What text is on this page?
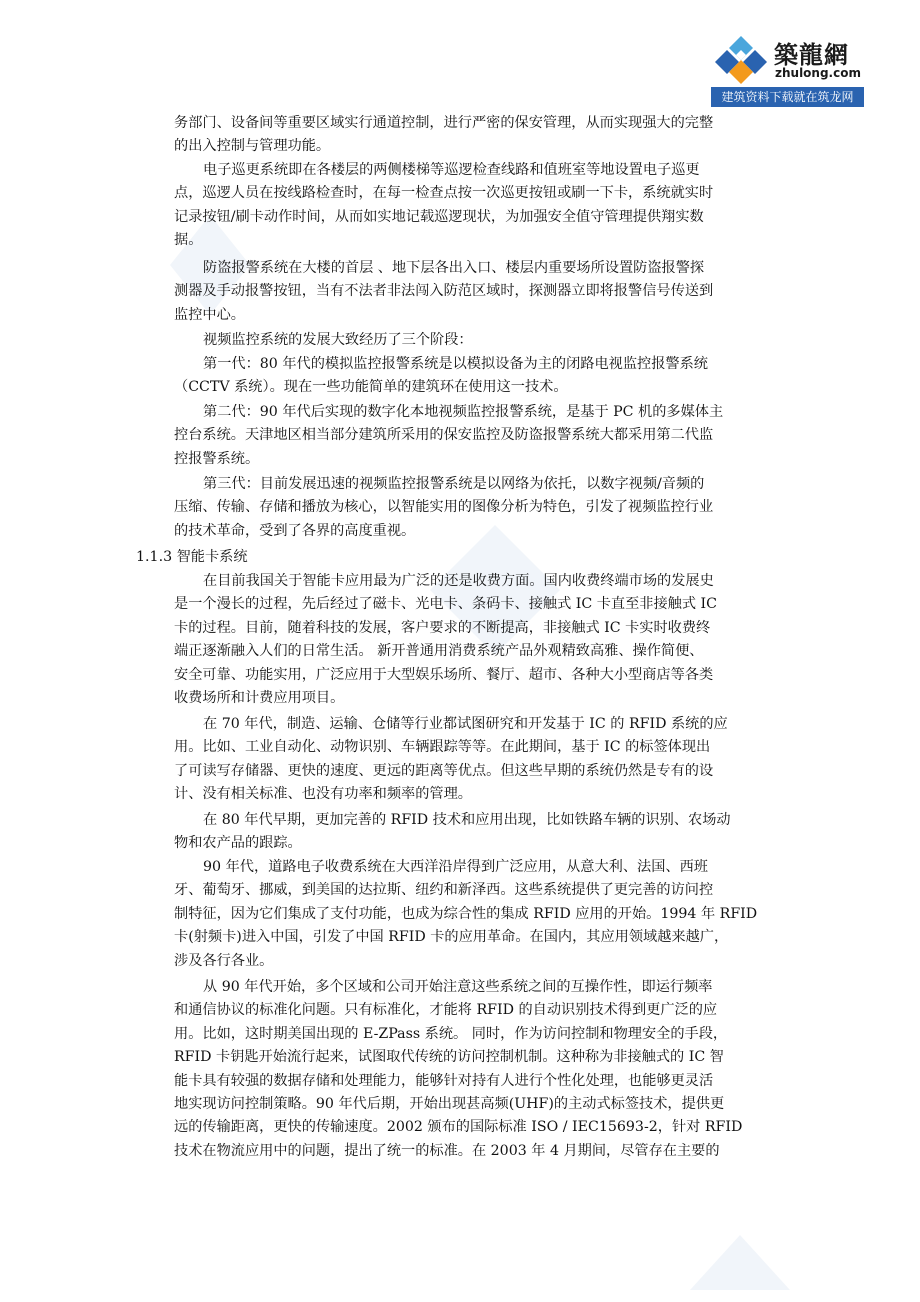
築龍網
zhulong.com
建筑资料下载就在筑龙网

务部门、设备间等重要区域实行通道控制，进行严密的保安管理，从而实现强大的完整
的出入控制与管理功能。

电子巡更系统即在各楼层的两侧楼梯等巡逻检查线路和值班室等地设置电子巡更
点，巡逻人员在按线路检查时，在每一检查点按一次巡更按钮或刷一下卡，系统就实时
记录按钮/刷卡动作时间，从而如实地记载巡逻现状，为加强安全值守管理提供翔实数
据。

防盗报警系统在大楼的首层 、地下层各出入口、楼层内重要场所设置防盗报警探
测器及手动报警按钮，当有不法者非法闯入防范区域时，探测器立即将报警信号传送到
监控中心。

视频监控系统的发展大致经历了三个阶段：

第一代：80 年代的模拟监控报警系统是以模拟设备为主的闭路电视监控报警系统
（CCTV 系统）。现在一些功能简单的建筑环在使用这一技术。

第二代：90 年代后实现的数字化本地视频监控报警系统，是基于 PC 机的多媒体主
控台系统。天津地区相当部分建筑所采用的保安监控及防盗报警系统大都采用第二代监
控报警系统。

第三代：目前发展迅速的视频监控报警系统是以网络为依托，以数字视频/音频的
压缩、传输、存储和播放为核心，以智能实用的图像分析为特色，引发了视频监控行业
的技术革命，受到了各界的高度重视。

1.1.3 智能卡系统

在目前我国关于智能卡应用最为广泛的还是收费方面。国内收费终端市场的发展史
是一个漫长的过程，先后经过了磁卡、光电卡、条码卡、接触式 IC 卡直至非接触式 IC
卡的过程。目前，随着科技的发展，客户要求的不断提高，非接触式 IC 卡实时收费终
端正逐渐融入人们的日常生活。 新开普通用消费系统产品外观精致高雅、操作简便、
安全可靠、功能实用，广泛应用于大型娱乐场所、餐厅、超市、各种大小型商店等各类
收费场所和计费应用项目。

在 70 年代，制造、运输、仓储等行业都试图研究和开发基于 IC 的 RFID 系统的应
用。比如、工业自动化、动物识别、车辆跟踪等等。在此期间，基于 IC 的标签体现出
了可读写存储器、更快的速度、更远的距离等优点。但这些早期的系统仍然是专有的设
计、没有相关标准、也没有功率和频率的管理。

在 80 年代早期，更加完善的 RFID 技术和应用出现，比如铁路车辆的识别、农场动
物和农产品的跟踪。

90 年代，道路电子收费系统在大西洋沿岸得到广泛应用，从意大利、法国、西班
牙、葡萄牙、挪威，到美国的达拉斯、纽约和新泽西。这些系统提供了更完善的访问控
制特征，因为它们集成了支付功能，也成为综合性的集成 RFID 应用的开始。1994 年 RFID
卡(射频卡)进入中国，引发了中国 RFID 卡的应用革命。在国内，其应用领域越来越广，
涉及各行各业。

从 90 年代开始，多个区域和公司开始注意这些系统之间的互操作性，即运行频率
和通信协议的标准化问题。只有标准化，才能将 RFID 的自动识别技术得到更广泛的应
用。比如，这时期美国出现的 E-ZPass 系统。 同时，作为访问控制和物理安全的手段，
RFID 卡钥匙开始流行起来，试图取代传统的访问控制机制。这种称为非接触式的 IC 智
能卡具有较强的数据存储和处理能力，能够针对持有人进行个性化处理，也能够更灵活
地实现访问控制策略。90 年代后期，开始出现甚高频(UHF)的主动式标签技术，提供更
远的传输距离，更快的传输速度。2002 颁布的国际标准 ISO / IEC15693-2，针对 RFID
技术在物流应用中的问题，提出了统一的标准。在 2003 年 4 月期间，尽管存在主要的
